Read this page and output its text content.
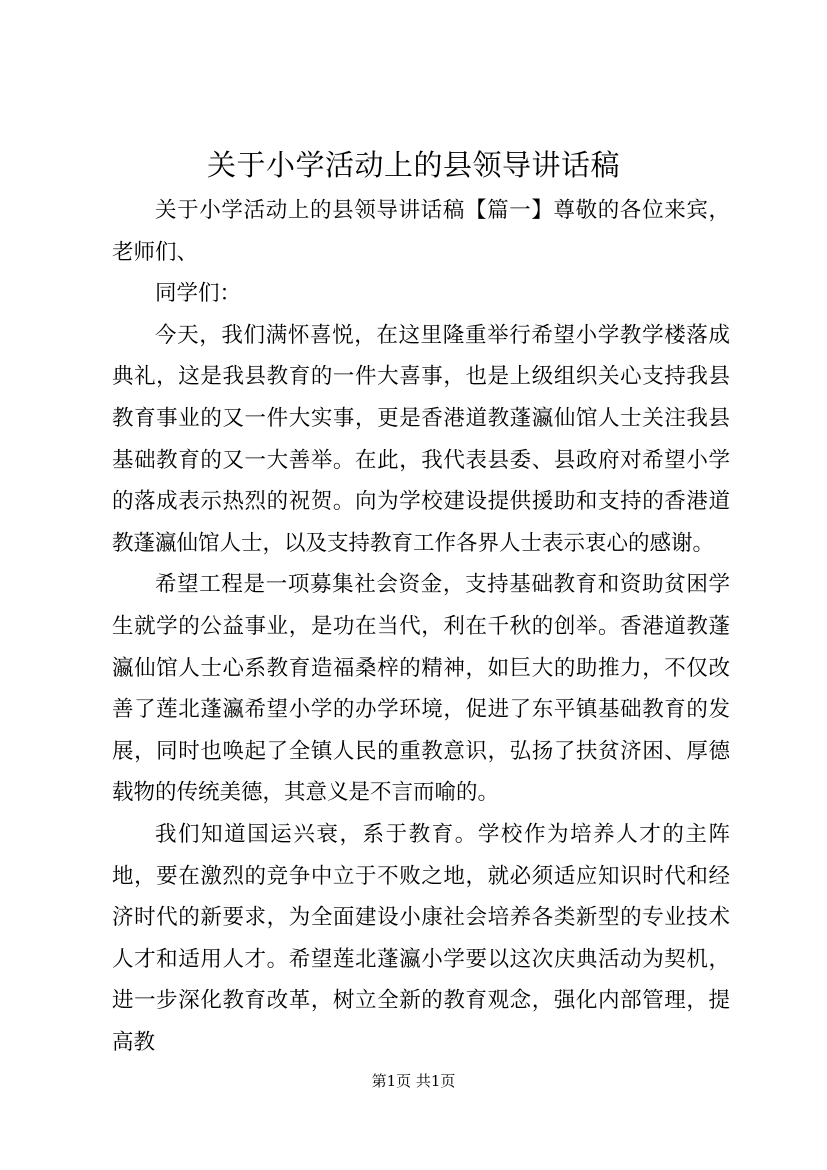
关于小学活动上的县领导讲话稿

关于小学活动上的县领导讲话稿【篇一】尊敬的各位来宾，老师们、

同学们：

今天，我们满怀喜悦，在这里隆重举行希望小学教学楼落成典礼，这是我县教育的一件大喜事，也是上级组织关心支持我县教育事业的又一件大实事，更是香港道教蓬瀛仙馆人士关注我县基础教育的又一大善举。在此，我代表县委、县政府对希望小学的落成表示热烈的祝贺。向为学校建设提供援助和支持的香港道教蓬瀛仙馆人士，以及支持教育工作各界人士表示衷心的感谢。

希望工程是一项募集社会资金，支持基础教育和资助贫困学生就学的公益事业，是功在当代，利在千秋的创举。香港道教蓬瀛仙馆人士心系教育造福桑梓的精神，如巨大的助推力，不仅改善了莲北蓬瀛希望小学的办学环境，促进了东平镇基础教育的发展，同时也唤起了全镇人民的重教意识，弘扬了扶贫济困、厚德载物的传统美德，其意义是不言而喻的。

我们知道国运兴衰，系于教育。学校作为培养人才的主阵地，要在激烈的竞争中立于不败之地，就必须适应知识时代和经济时代的新要求，为全面建设小康社会培养各类新型的专业技术人才和适用人才。希望莲北蓬瀛小学要以这次庆典活动为契机，进一步深化教育改革，树立全新的教育观念，强化内部管理，提高教

第1页 共1页
